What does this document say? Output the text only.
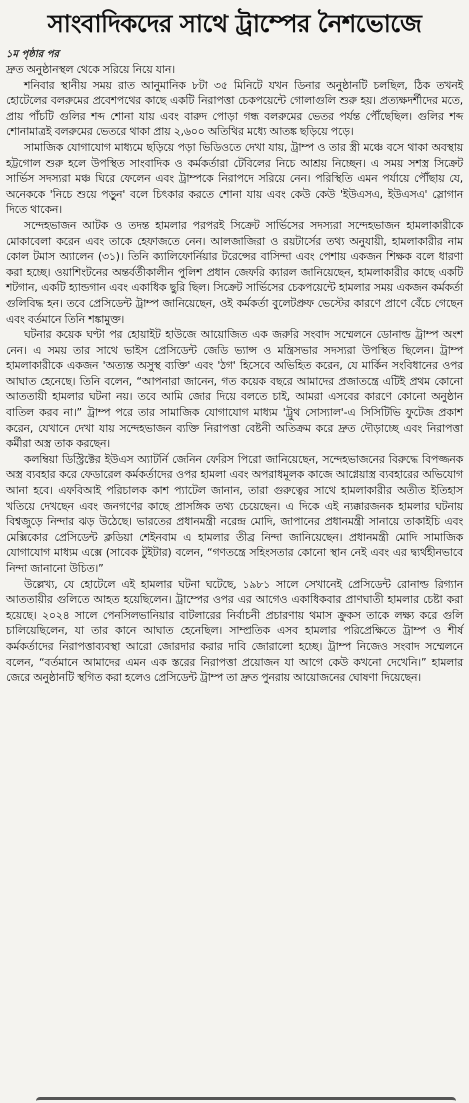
সাংবাদিকদের সাথে ট্রাম্পের নৈশভোজে
১ম পৃষ্ঠার পর

দ্রুত অনুষ্ঠানস্থল থেকে সরিয়ে নিয়ে যান।

শনিবার স্থানীয় সময় রাত আনুমানিক ৮টা ৩৫ মিনিটে যখন ডিনার অনুষ্ঠানটি চলছিল, ঠিক তখনই হোটেলের বলরুমের প্রবেশপথের কাছে একটি নিরাপত্তা চেকপয়েন্টে গোলাগুলি শুরু হয়। প্রত্যক্ষদর্শীদের মতে, প্রায় পাঁচটি গুলির শব্দ শোনা যায় এবং বারুদ পোড়া গন্ধ বলরুমের ভেতর পর্যন্ত পৌঁছেছিল। গুলির শব্দ শোনামাত্রই বলরুমের ভেতরে থাকা প্রায় ২,৬০০ অতিথির মধ্যে আতঙ্ক ছড়িয়ে পড়ে।

সামাজিক যোগাযোগ মাধ্যমে ছড়িয়ে পড়া ভিডিওতে দেখা যায়, ট্রাম্প ও তার স্ত্রী মঞ্চে বসে থাকা অবস্থায় হট্টগোল শুরু হলে উপস্থিত সাংবাদিক ও কর্মকর্তারা টেবিলের নিচে আশ্রয় নিচ্ছেন। এ সময় সশস্ত্র সিক্রেট সার্ভিস সদস্যরা মঞ্চ ঘিরে ফেলেন এবং ট্রাম্পকে নিরাপদে সরিয়ে নেন। পরিস্থিতি এমন পর্যায়ে পৌঁছায় যে, অনেককে 'নিচে শুয়ে পড়ুন' বলে চিৎকার করতে শোনা যায় এবং কেউ কেউ 'ইউএসএ, ইউএসএ' স্লোগান দিতে থাকেন।

সন্দেহভাজন আটক ও তদন্ত হামলার পরপরই সিক্রেট সার্ভিসের সদস্যরা সন্দেহভাজন হামলাকারীকে মোকাবেলা করেন এবং তাকে হেফাজতে নেন। আলজাজিরা ও রয়টার্সের তথ্য অনুযায়ী, হামলাকারীর নাম কোল টমাস অ্যালেন (৩১)। তিনি ক্যালিফোর্নিয়ার টরেন্সের বাসিন্দা এবং পেশায় একজন শিক্ষক বলে ধারণা করা হচ্ছে। ওয়াশিংটনের অন্তর্বর্তীকালীন পুলিশ প্রধান জেফরি ক্যারল জানিয়েছেন, হামলাকারীর কাছে একটি শটগান, একটি হ্যান্ডগান এবং একাধিক ছুরি ছিল। সিক্রেট সার্ভিসের চেকপয়েন্টে হামলার সময় একজন কর্মকর্তা গুলিবিদ্ধ হন। তবে প্রেসিডেন্ট ট্রাম্প জানিয়েছেন, ওই কর্মকর্তা বুলেটপ্রুফ ভেস্টের কারণে প্রাণে বেঁচে গেছেন এবং বর্তমানে তিনি শঙ্কামুক্ত।

ঘটনার কয়েক ঘণ্টা পর হোয়াইট হাউজে আয়োজিত এক জরুরি সংবাদ সম্মেলনে ডোনাল্ড ট্রাম্প অংশ নেন। এ সময় তার সাথে ভাইস প্রেসিডেন্ট জেডি ভ্যান্স ও মন্ত্রিসভার সদস্যরা উপস্থিত ছিলেন। ট্রাম্প হামলাকারীকে একজন 'অত্যন্ত অসুস্থ ব্যক্তি' এবং 'ঠগ' হিসেবে অভিহিত করেন, যে মার্কিন সংবিধানের ওপর আঘাত হেনেছে। তিনি বলেন, “আপনারা জানেন, গত কয়েক বছরে আমাদের প্রজাতন্ত্রে এটিই প্রথম কোনো আততায়ী হামলার ঘটনা নয়। তবে আমি জোর দিয়ে বলতে চাই, আমরা এসবের কারণে কোনো অনুষ্ঠান বাতিল করব না।” ট্রাম্প পরে তার সামাজিক যোগাযোগ মাধ্যম 'ট্রুথ সোস্যাল'-এ সিসিটিভি ফুটেজ প্রকাশ করেন, যেখানে দেখা যায় সন্দেহভাজন ব্যক্তি নিরাপত্তা বেষ্টনী অতিক্রম করে দ্রুত দৌড়াচ্ছে এবং নিরাপত্তা কর্মীরা অস্ত্র তাক করছেন।

কলম্বিয়া ডিস্ট্রিক্টের ইউএস অ্যাটর্নি জেনিন ফেরিস পিরো জানিয়েছেন, সন্দেহভাজনের বিরুদ্ধে বিপজ্জনক অস্ত্র ব্যবহার করে ফেডারেল কর্মকর্তাদের ওপর হামলা এবং অপরাধমূলক কাজে আগ্নেয়াস্ত্র ব্যবহারের অভিযোগ আনা হবে। এফবিআই পরিচালক কাশ প্যাটেল জানান, তারা গুরুত্বের সাথে হামলাকারীর অতীত ইতিহাস খতিয়ে দেখছেন এবং জনগণের কাছে প্রাসঙ্গিক তথ্য চেয়েছেন। এ দিকে এই ন্যক্কারজনক হামলার ঘটনায় বিশ্বজুড়ে নিন্দার ঝড় উঠেছে। ভারতের প্রধানমন্ত্রী নরেন্দ্র মোদি, জাপানের প্রধানমন্ত্রী সানায়ে তাকাইচি এবং মেক্সিকোর প্রেসিডেন্ট ক্লডিয়া শেইনবাম এ হামলার তীব্র নিন্দা জানিয়েছেন। প্রধানমন্ত্রী মোদি সামাজিক যোগাযোগ মাধ্যম এক্সে (সাবেক টুইটার) বলেন, “গণতন্ত্রে সহিংসতার কোনো স্থান নেই এবং এর দ্ব্যর্থহীনভাবে নিন্দা জানানো উচিত।”

উল্লেখ্য, যে হোটেলে এই হামলার ঘটনা ঘটেছে, ১৯৮১ সালে সেখানেই প্রেসিডেন্ট রোনাল্ড রিগ্যান আততায়ীর গুলিতে আহত হয়েছিলেন। ট্রাম্পের ওপর এর আগেও একাধিকবার প্রাণঘাতী হামলার চেষ্টা করা হয়েছে। ২০২৪ সালে পেনসিলভানিয়ার বাটলারের নির্বাচনী প্রচারণায় থমাস ক্রুকস তাকে লক্ষ্য করে গুলি চালিয়েছিলেন, যা তার কানে আঘাত হেনেছিল। সাম্প্রতিক এসব হামলার পরিপ্রেক্ষিতে ট্রাম্প ও শীর্ষ কর্মকর্তাদের নিরাপত্তাব্যবস্থা আরো জোরদার করার দাবি জোরালো হচ্ছে। ট্রাম্প নিজেও সংবাদ সম্মেলনে বলেন, “বর্তমানে আমাদের এমন এক স্তরের নিরাপত্তা প্রয়োজন যা আগে কেউ কখনো দেখেনি।” হামলার জেরে অনুষ্ঠানটি স্থগিত করা হলেও প্রেসিডেন্ট ট্রাম্প তা দ্রুত পুনরায় আয়োজনের ঘোষণা দিয়েছেন।
